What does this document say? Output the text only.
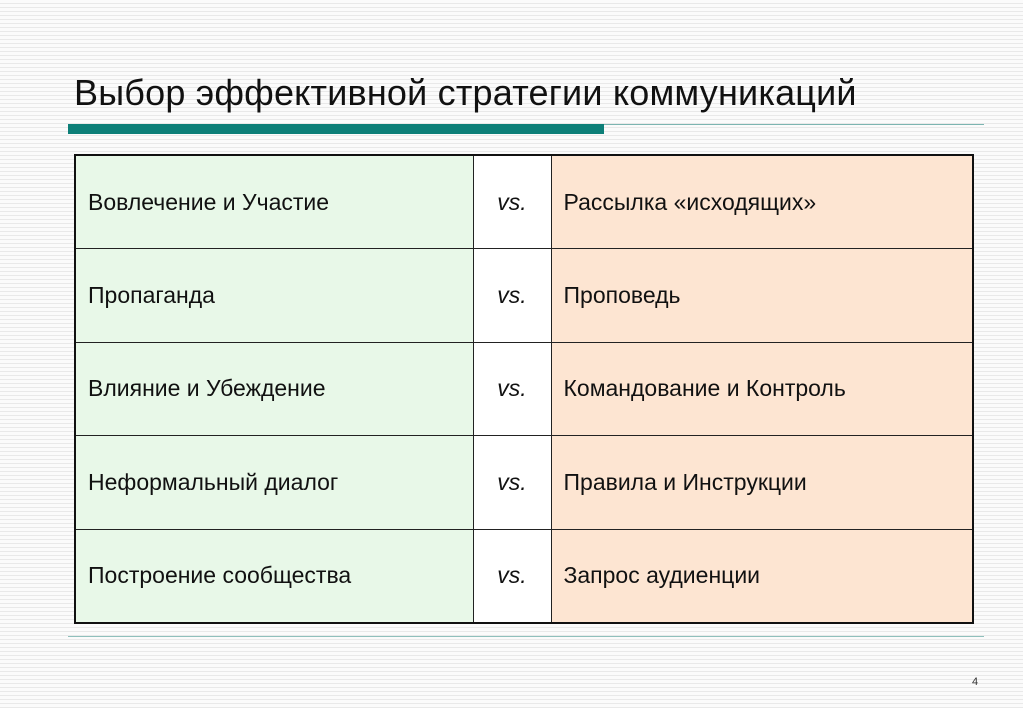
Выбор эффективной стратегии коммуникаций
Вовлечение и Участие	vs.	Рассылка «исходящих»
Пропаганда	vs.	Проповедь
Влияние и Убеждение	vs.	Командование и Контроль
Неформальный диалог	vs.	Правила и Инструкции
Построение сообщества	vs.	Запрос аудиенции
4
